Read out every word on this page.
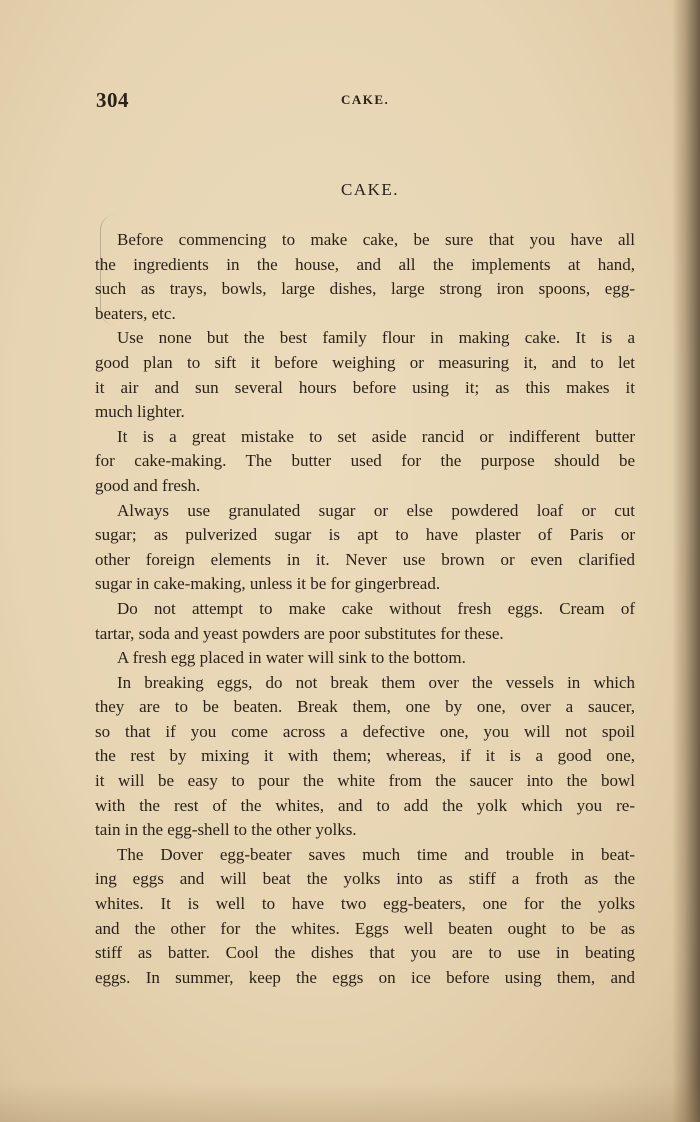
304	CAKE.
CAKE.
Before commencing to make cake, be sure that you have all
the ingredients in the house, and all the implements at hand,
such as trays, bowls, large dishes, large strong iron spoons, egg-
beaters, etc.
Use none but the best family flour in making cake. It is a
good plan to sift it before weighing or measuring it, and to let
it air and sun several hours before using it; as this makes it
much lighter.
It is a great mistake to set aside rancid or indifferent butter
for cake-making. The butter used for the purpose should be
good and fresh.
Always use granulated sugar or else powdered loaf or cut
sugar; as pulverized sugar is apt to have plaster of Paris or
other foreign elements in it. Never use brown or even clarified
sugar in cake-making, unless it be for gingerbread.
Do not attempt to make cake without fresh eggs. Cream of
tartar, soda and yeast powders are poor substitutes for these.
A fresh egg placed in water will sink to the bottom.
In breaking eggs, do not break them over the vessels in which
they are to be beaten. Break them, one by one, over a saucer,
so that if you come across a defective one, you will not spoil
the rest by mixing it with them; whereas, if it is a good one,
it will be easy to pour the white from the saucer into the bowl
with the rest of the whites, and to add the yolk which you re-
tain in the egg-shell to the other yolks.
The Dover egg-beater saves much time and trouble in beat-
ing eggs and will beat the yolks into as stiff a froth as the
whites. It is well to have two egg-beaters, one for the yolks
and the other for the whites. Eggs well beaten ought to be as
stiff as batter. Cool the dishes that you are to use in beating
eggs. In summer, keep the eggs on ice before using them, and
